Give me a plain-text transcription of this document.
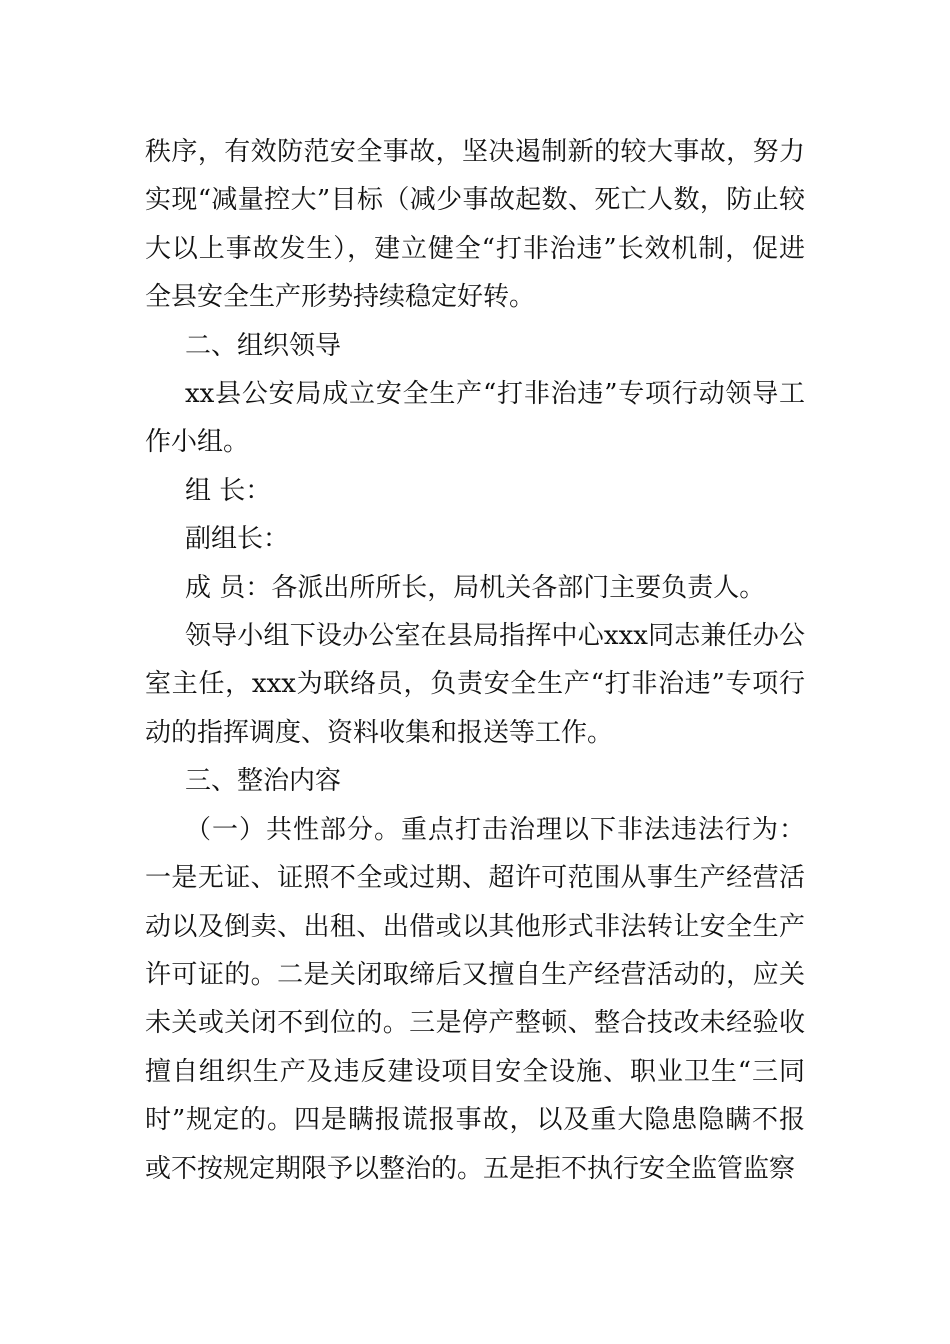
秩序，有效防范安全事故，坚决遏制新的较大事故，努力实现“减量控大”目标（减少事故起数、死亡人数，防止较大以上事故发生），建立健全“打非治违”长效机制，促进全县安全生产形势持续稳定好转。

二、组织领导

xx县公安局成立安全生产“打非治违”专项行动领导工作小组。

组 长：

副组长：

成 员：各派出所所长，局机关各部门主要负责人。

领导小组下设办公室在县局指挥中心xxx同志兼任办公室主任，xxx为联络员，负责安全生产“打非治违”专项行动的指挥调度、资料收集和报送等工作。

三、整治内容

（一）共性部分。重点打击治理以下非法违法行为：一是无证、证照不全或过期、超许可范围从事生产经营活动以及倒卖、出租、出借或以其他形式非法转让安全生产许可证的。二是关闭取缔后又擅自生产经营活动的，应关未关或关闭不到位的。三是停产整顿、整合技改未经验收擅自组织生产及违反建设项目安全设施、职业卫生“三同时”规定的。四是瞒报谎报事故，以及重大隐患隐瞒不报或不按规定期限予以整治的。五是拒不执行安全监管监察
